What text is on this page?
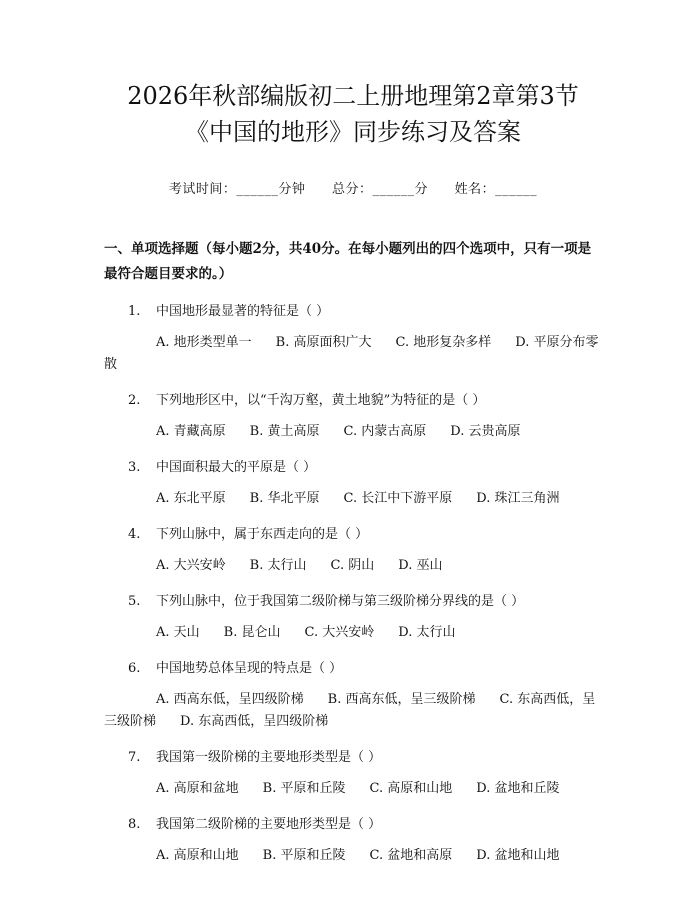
2026年秋部编版初二上册地理第2章第3节
《中国的地形》同步练习及答案
考试时间：______分钟 总分：______分 姓名：______
一、单项选择题（每小题2分，共40分。在每小题列出的四个选项中，只有一项是最符合题目要求的。）
1. 中国地形最显著的特征是（ ）
A. 地形类型单一 B. 高原面积广大 C. 地形复杂多样 D. 平原分布零散
2. 下列地形区中，以“千沟万壑，黄土地貌”为特征的是（ ）
A. 青藏高原 B. 黄土高原 C. 内蒙古高原 D. 云贵高原
3. 中国面积最大的平原是（ ）
A. 东北平原 B. 华北平原 C. 长江中下游平原 D. 珠江三角洲
4. 下列山脉中，属于东西走向的是（ ）
A. 大兴安岭 B. 太行山 C. 阴山 D. 巫山
5. 下列山脉中，位于我国第二级阶梯与第三级阶梯分界线的是（ ）
A. 天山 B. 昆仑山 C. 大兴安岭 D. 太行山
6. 中国地势总体呈现的特点是（ ）
A. 西高东低，呈四级阶梯 B. 西高东低，呈三级阶梯 C. 东高西低，呈三级阶梯 D. 东高西低，呈四级阶梯
7. 我国第一级阶梯的主要地形类型是（ ）
A. 高原和盆地 B. 平原和丘陵 C. 高原和山地 D. 盆地和丘陵
8. 我国第二级阶梯的主要地形类型是（ ）
A. 高原和山地 B. 平原和丘陵 C. 盆地和高原 D. 盆地和山地
